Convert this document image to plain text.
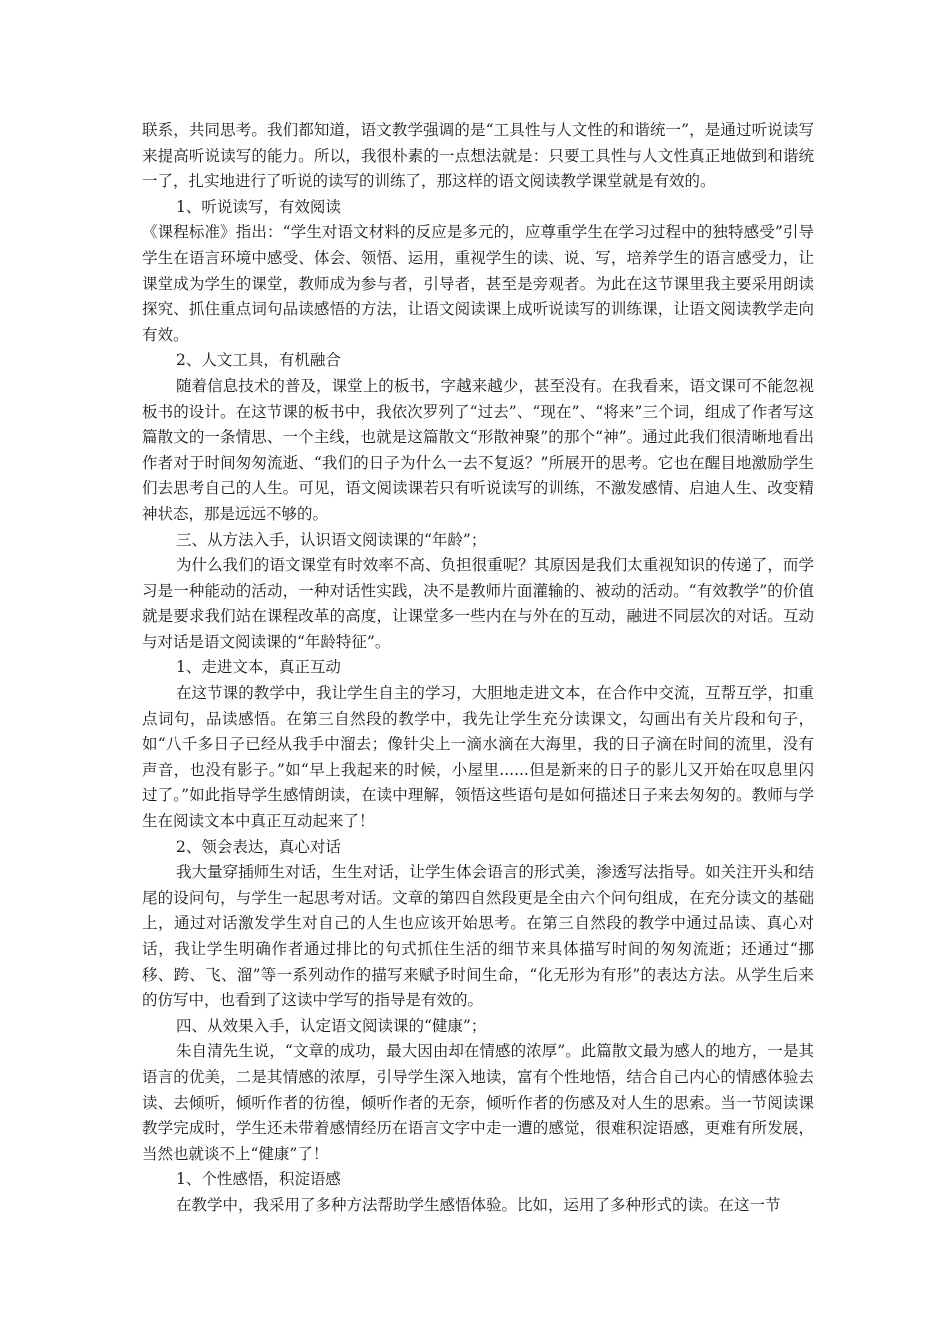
联系，共同思考。我们都知道，语文教学强调的是“工具性与人文性的和谐统一”，是通过听说读写来提高听说读写的能力。所以，我很朴素的一点想法就是：只要工具性与人文性真正地做到和谐统一了，扎实地进行了听说的读写的训练了，那这样的语文阅读教学课堂就是有效的。

1、听说读写，有效阅读

《课程标准》指出：“学生对语文材料的反应是多元的，应尊重学生在学习过程中的独特感受”引导学生在语言环境中感受、体会、领悟、运用，重视学生的读、说、写，培养学生的语言感受力，让课堂成为学生的课堂，教师成为参与者，引导者，甚至是旁观者。为此在这节课里我主要采用朗读探究、抓住重点词句品读感悟的方法，让语文阅读课上成听说读写的训练课，让语文阅读教学走向有效。

2、人文工具，有机融合

随着信息技术的普及，课堂上的板书，字越来越少，甚至没有。在我看来，语文课可不能忽视板书的设计。在这节课的板书中，我依次罗列了“过去”、“现在”、“将来”三个词，组成了作者写这篇散文的一条情思、一个主线，也就是这篇散文“形散神聚”的那个“神”。通过此我们很清晰地看出作者对于时间匆匆流逝、“我们的日子为什么一去不复返？”所展开的思考。它也在醒目地激励学生们去思考自己的人生。可见，语文阅读课若只有听说读写的训练，不激发感情、启迪人生、改变精神状态，那是远远不够的。

三、从方法入手，认识语文阅读课的“年龄”；

为什么我们的语文课堂有时效率不高、负担很重呢？其原因是我们太重视知识的传递了，而学习是一种能动的活动，一种对话性实践，决不是教师片面灌输的、被动的活动。“有效教学”的价值就是要求我们站在课程改革的高度，让课堂多一些内在与外在的互动，融进不同层次的对话。互动与对话是语文阅读课的“年龄特征”。

1、走进文本，真正互动

在这节课的教学中，我让学生自主的学习，大胆地走进文本，在合作中交流，互帮互学，扣重点词句，品读感悟。在第三自然段的教学中，我先让学生充分读课文，勾画出有关片段和句子，如“八千多日子已经从我手中溜去；像针尖上一滴水滴在大海里，我的日子滴在时间的流里，没有声音，也没有影子。”如“早上我起来的时候，小屋里......但是新来的日子的影儿又开始在叹息里闪过了。”如此指导学生感情朗读，在读中理解，领悟这些语句是如何描述日子来去匆匆的。教师与学生在阅读文本中真正互动起来了！

2、领会表达，真心对话

我大量穿插师生对话，生生对话，让学生体会语言的形式美，渗透写法指导。如关注开头和结尾的设问句，与学生一起思考对话。文章的第四自然段更是全由六个问句组成，在充分读文的基础上，通过对话激发学生对自己的人生也应该开始思考。在第三自然段的教学中通过品读、真心对话，我让学生明确作者通过排比的句式抓住生活的细节来具体描写时间的匆匆流逝；还通过“挪移、跨、飞、溜”等一系列动作的描写来赋予时间生命，“化无形为有形”的表达方法。从学生后来的仿写中，也看到了这读中学写的指导是有效的。

四、从效果入手，认定语文阅读课的“健康”；

朱自清先生说，“文章的成功，最大因由却在情感的浓厚”。此篇散文最为感人的地方，一是其语言的优美，二是其情感的浓厚，引导学生深入地读，富有个性地悟，结合自己内心的情感体验去读、去倾听，倾听作者的彷徨，倾听作者的无奈，倾听作者的伤感及对人生的思索。当一节阅读课教学完成时，学生还未带着感情经历在语言文字中走一遭的感觉，很难积淀语感，更难有所发展，当然也就谈不上“健康”了！

1、个性感悟，积淀语感

在教学中，我采用了多种方法帮助学生感悟体验。比如，运用了多种形式的读。在这一节
